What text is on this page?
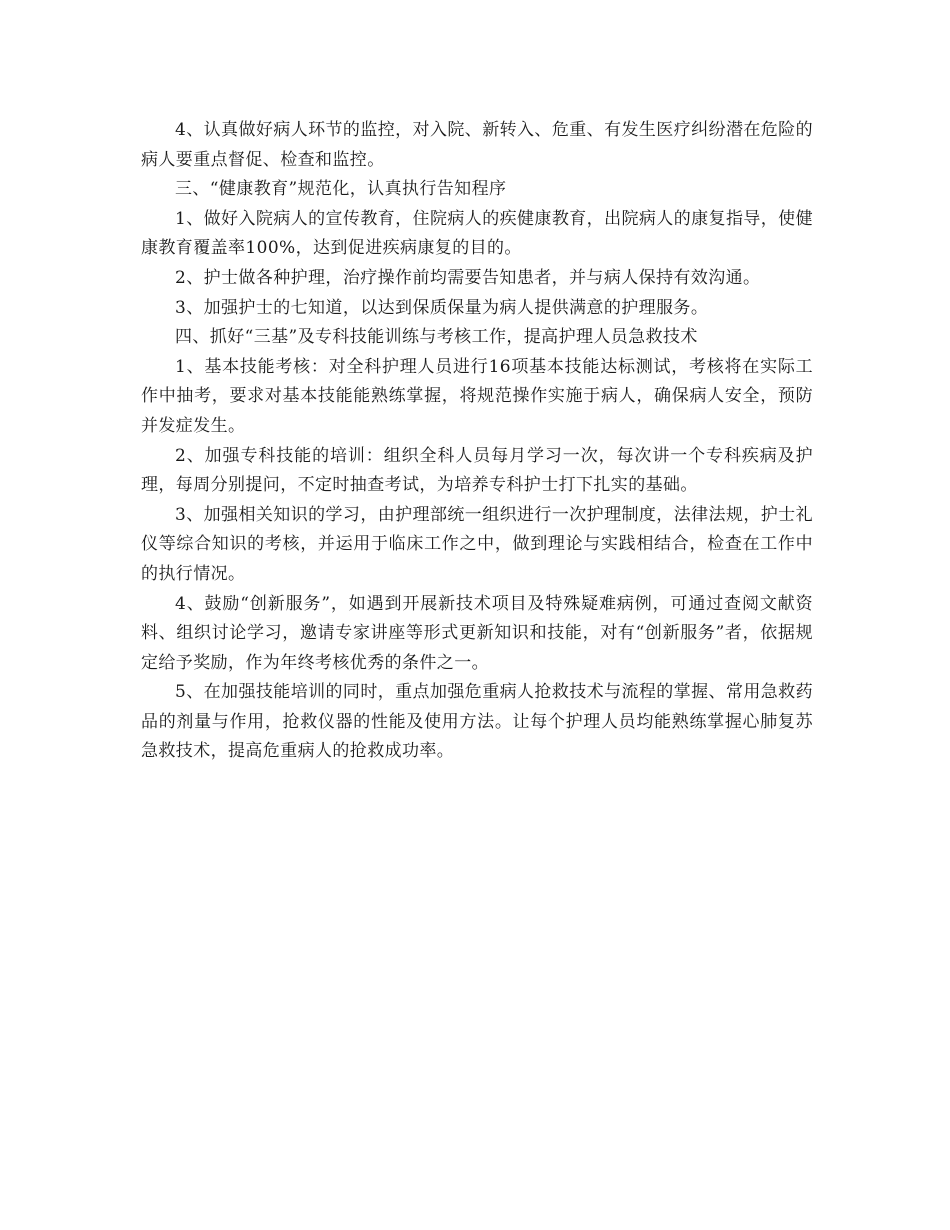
4、认真做好病人环节的监控，对入院、新转入、危重、有发生医疗纠纷潜在危险的病人要重点督促、检查和监控。

三、“健康教育”规范化，认真执行告知程序

1、做好入院病人的宣传教育，住院病人的疾健康教育，出院病人的康复指导，使健康教育覆盖率100%，达到促进疾病康复的目的。

2、护士做各种护理，治疗操作前均需要告知患者，并与病人保持有效沟通。

3、加强护士的七知道，以达到保质保量为病人提供满意的护理服务。

四、抓好“三基”及专科技能训练与考核工作，提高护理人员急救技术

1、基本技能考核：对全科护理人员进行16项基本技能达标测试，考核将在实际工作中抽考，要求对基本技能能熟练掌握，将规范操作实施于病人，确保病人安全，预防并发症发生。

2、加强专科技能的培训：组织全科人员每月学习一次，每次讲一个专科疾病及护理，每周分别提问，不定时抽查考试，为培养专科护士打下扎实的基础。

3、加强相关知识的学习，由护理部统一组织进行一次护理制度，法律法规，护士礼仪等综合知识的考核，并运用于临床工作之中，做到理论与实践相结合，检查在工作中的执行情况。

4、鼓励“创新服务”，如遇到开展新技术项目及特殊疑难病例，可通过查阅文献资料、组织讨论学习，邀请专家讲座等形式更新知识和技能，对有“创新服务”者，依据规定给予奖励，作为年终考核优秀的条件之一。

5、在加强技能培训的同时，重点加强危重病人抢救技术与流程的掌握、常用急救药品的剂量与作用，抢救仪器的性能及使用方法。让每个护理人员均能熟练掌握心肺复苏急救技术，提高危重病人的抢救成功率。
